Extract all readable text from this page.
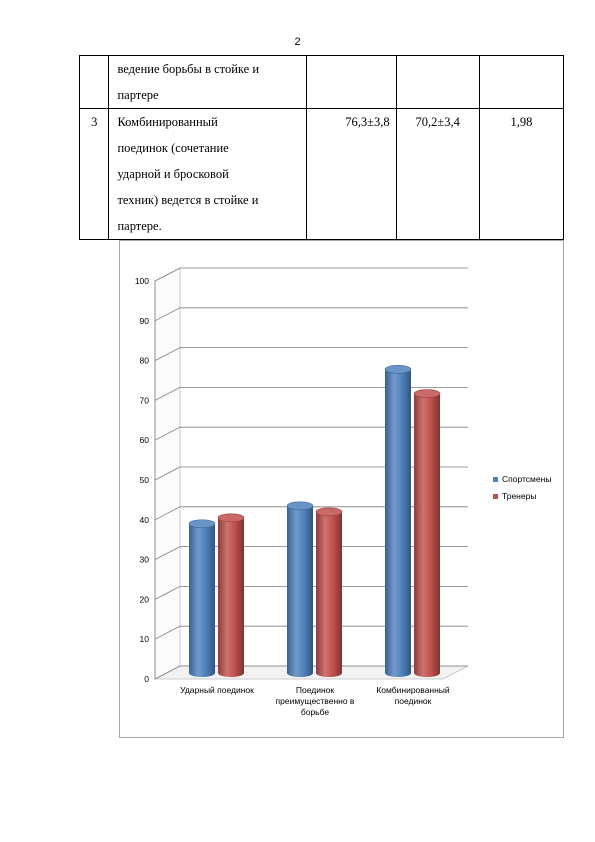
2

	ведение борьбы в стойке и
партере			

3	Комбинированный
поединок (сочетание
ударной и бросковой
техник) ведется в стойке и
партере.	76,3±3,8	70,2±3,4	1,98
0
10
20
30
40
50
60
70
80
90
100
Ударный поединок	Поединок
преимущественно в
борьбе
Комбинированный
поединок
Спортсмены
Тренеры
